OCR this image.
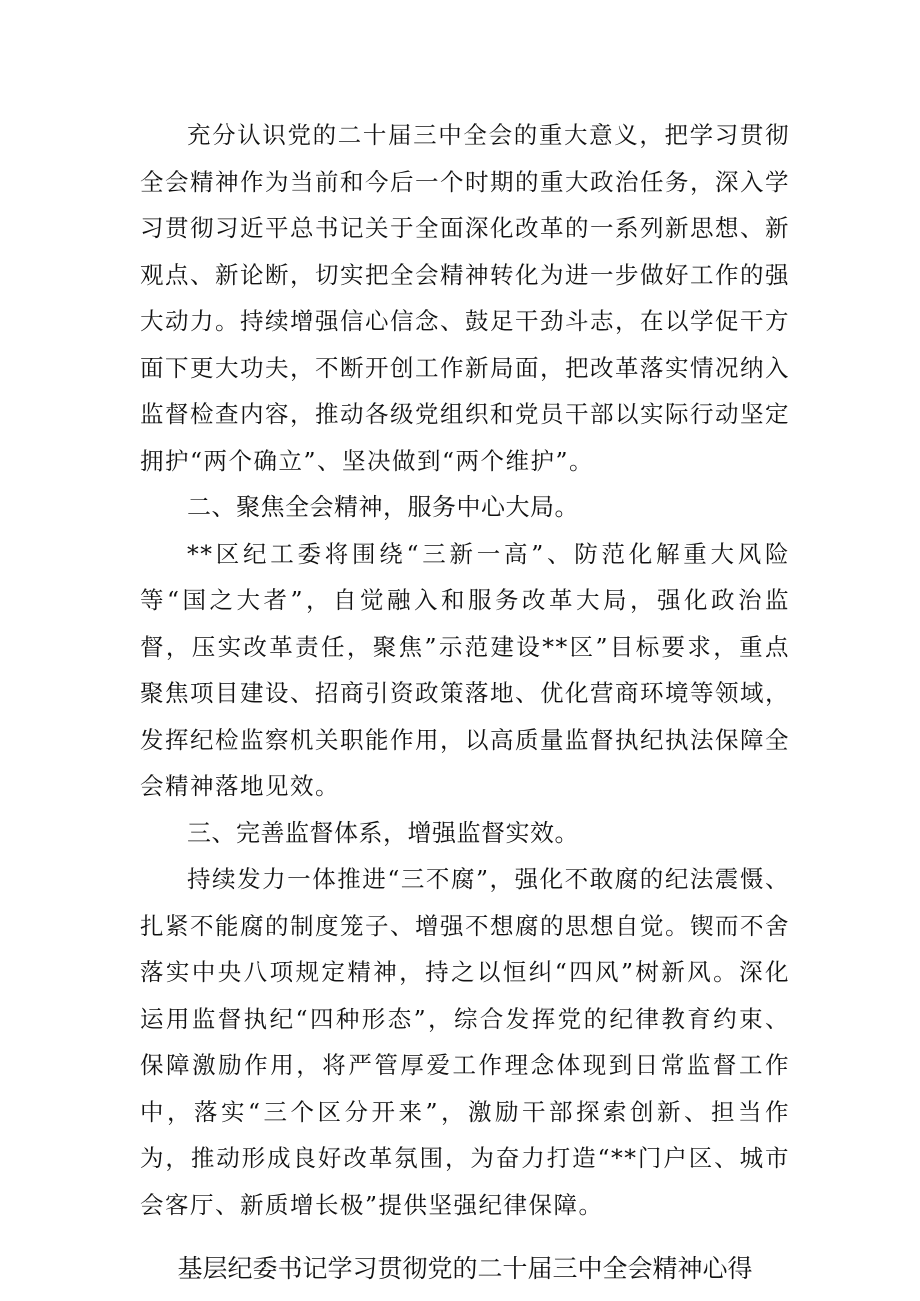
充分认识党的二十届三中全会的重大意义，把学习贯彻全会精神作为当前和今后一个时期的重大政治任务，深入学习贯彻习近平总书记关于全面深化改革的一系列新思想、新观点、新论断，切实把全会精神转化为进一步做好工作的强大动力。持续增强信心信念、鼓足干劲斗志，在以学促干方面下更大功夫，不断开创工作新局面，把改革落实情况纳入监督检查内容，推动各级党组织和党员干部以实际行动坚定拥护“两个确立”、坚决做到“两个维护”。

二、聚焦全会精神，服务中心大局。

**区纪工委将围绕“三新一高”、防范化解重大风险等“国之大者”，自觉融入和服务改革大局，强化政治监督，压实改革责任，聚焦”示范建设**区”目标要求，重点聚焦项目建设、招商引资政策落地、优化营商环境等领域，发挥纪检监察机关职能作用，以高质量监督执纪执法保障全会精神落地见效。

三、完善监督体系，增强监督实效。

持续发力一体推进“三不腐”，强化不敢腐的纪法震慑、扎紧不能腐的制度笼子、增强不想腐的思想自觉。锲而不舍落实中央八项规定精神，持之以恒纠“四风”树新风。深化运用监督执纪“四种形态”，综合发挥党的纪律教育约束、保障激励作用，将严管厚爱工作理念体现到日常监督工作中，落实“三个区分开来”，激励干部探索创新、担当作为，推动形成良好改革氛围，为奋力打造“**门户区、城市会客厅、新质增长极”提供坚强纪律保障。

基层纪委书记学习贯彻党的二十届三中全会精神心得
